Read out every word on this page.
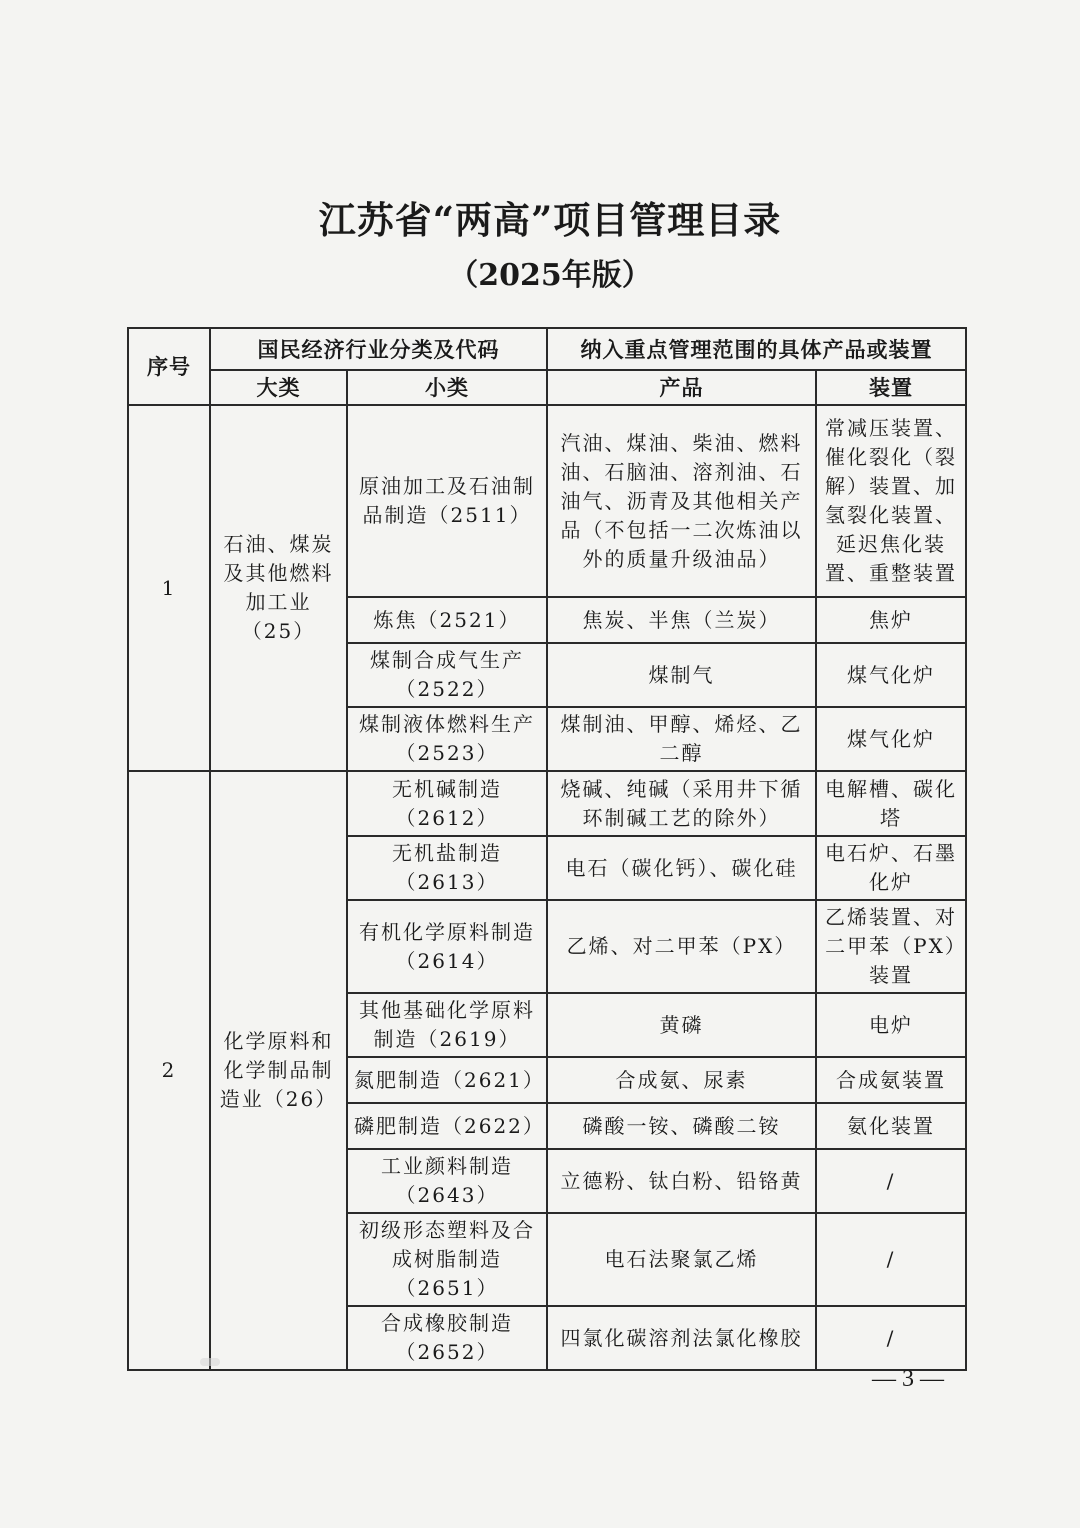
江苏省“两高”项目管理目录
（2025年版）
序号	国民经济行业分类及代码		纳入重点管理范围的具体产品或装置	
	大类	小类	产品	装置
1	石油、煤炭及其他燃料加工业（25）	原油加工及石油制品制造（2511）	汽油、煤油、柴油、燃料油、石脑油、溶剂油、石油气、沥青及其他相关产品（不包括一二次炼油以外的质量升级油品）	常减压装置、催化裂化（裂解）装置、加氢裂化装置、延迟焦化装置、重整装置
		炼焦（2521）	焦炭、半焦（兰炭）	焦炉
		煤制合成气生产（2522）	煤制气	煤气化炉
		煤制液体燃料生产（2523）	煤制油、甲醇、烯烃、乙二醇	煤气化炉
2	化学原料和化学制品制造业（26）	无机碱制造（2612）	烧碱、纯碱（采用井下循环制碱工艺的除外）	电解槽、碳化塔
		无机盐制造（2613）	电石（碳化钙）、碳化硅	电石炉、石墨化炉
		有机化学原料制造（2614）	乙烯、对二甲苯（PX）	乙烯装置、对二甲苯（PX）装置
		其他基础化学原料制造（2619）	黄磷	电炉
		氮肥制造（2621）	合成氨、尿素	合成氨装置
		磷肥制造（2622）	磷酸一铵、磷酸二铵	氨化装置
		工业颜料制造（2643）	立德粉、钛白粉、铅铬黄	/
		初级形态塑料及合成树脂制造（2651）	电石法聚氯乙烯	/
		合成橡胶制造（2652）	四氯化碳溶剂法氯化橡胶	/
— 3 —
